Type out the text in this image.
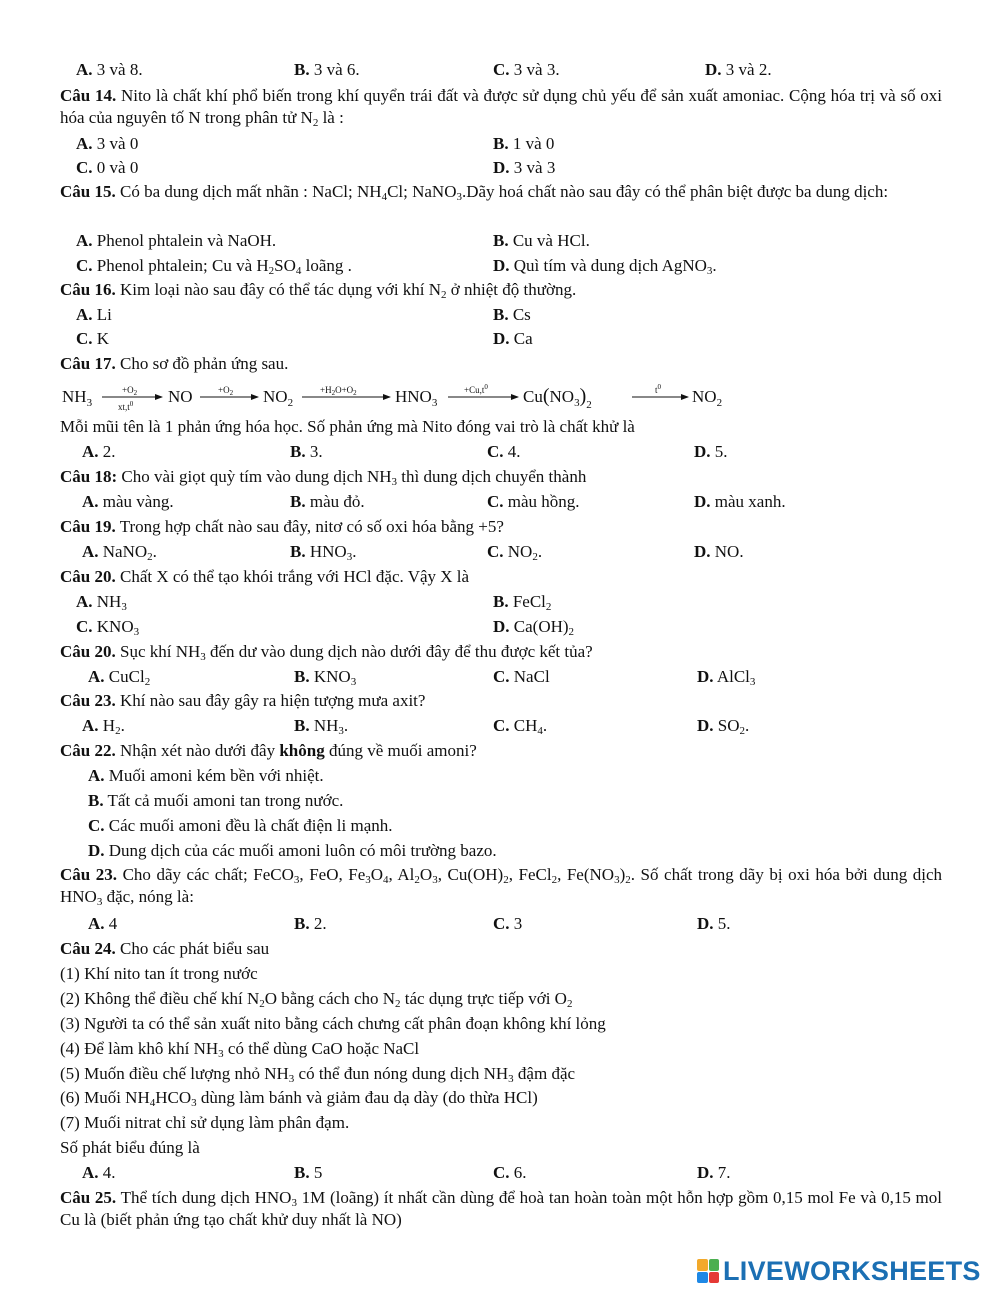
A. 3 và 8.	B. 3 và 6.	C. 3 và 3.	D. 3 và 2.
Câu 14. Nito là chất khí phổ biến trong khí quyển trái đất và được sử dụng chủ yếu để sản xuất amoniac. Cộng hóa trị và số oxi hóa của nguyên tố N trong phân tử $N_2$ là :
A. 3 và 0	B. 1 và 0
C. 0 và 0	D. 3 và 3
Câu 15. Có ba dung dịch mất nhãn : NaCl; $NH_4Cl$; NaNO$_3$.Dãy hoá chất nào sau đây có thể phân biệt được ba dung dịch:
A. Phenol phtalein và NaOH.	B. Cu và HCl.
C. Phenol phtalein; Cu và $H_2SO_4$ loãng .	D. Quì tím và dung dịch AgNO$_3$.
Câu 16. Kim loại nào sau đây có thể tác dụng với khí $N_2$ ở nhiệt độ thường.
A. Li	B. Cs
C. K	D. Ca
Câu 17. Cho sơ đồ phản ứng sau.
$NH_3$
$+O_2$
$xt,t^0$ NO	$+O_2$ $NO_2$
$+H_2O+O_2$ $HNO_3$
$+Cu,t^0$ $Cu(NO_3)_2$
$t^0$ $NO_2$
Mỗi mũi tên là 1 phản ứng hóa học. Số phản ứng mà Nito đóng vai trò là chất khử là
A. 2.	B. 3.	C. 4.	D. 5.
Câu 18: Cho vài giọt quỳ tím vào dung dịch $NH_3$ thì dung dịch chuyển thành
A. màu vàng.	B. màu đỏ.	C. màu hồng.	D. màu xanh.
Câu 19. Trong hợp chất nào sau đây, nitơ có số oxi hóa bằng +5?
A. NaNO$_2$.	B. $HNO_3$.	C. $NO_2$.	D. NO.
Câu 20. Chất X có thể tạo khói trắng với HCl đặc. Vậy X là
A. $NH_3$	B. FeCl$_2$
C. $KNO_3$	D. $Ca(OH)_2$
Câu 20. Sục khí $NH_3$ đến dư vào dung dịch nào dưới đây để thu được kết tủa?
A. CuCl$_2$	B. $KNO_3$	C. NaCl	D. AlCl$_3$
Câu 23. Khí nào sau đây gây ra hiện tượng mưa axit?
A. $H_2$.	B. $NH_3$.	C. $CH_4$.	D. $SO_2$.
Câu 22. Nhận xét nào dưới đây không đúng về muối amoni?
A. Muối amoni kém bền với nhiệt.
B. Tất cả muối amoni tan trong nước.
C. Các muối amoni đều là chất điện li mạnh.
D. Dung dịch của các muối amoni luôn có môi trường bazo.
Câu 23. Cho dãy các chất; FeCO$_3$, FeO, $Fe_3O_4$, $Al_2O_3$, $Cu(OH)_2$, FeCl$_2$, $Fe(NO_3)_2$. Số chất trong dãy bị oxi hóa bởi dung dịch $HNO_3$ đặc, nóng là:
A. 4	B. 2.	C. 3	D. 5.
Câu 24. Cho các phát biểu sau
(1) Khí nito tan ít trong nước
(2) Không thể điều chế khí $N_2O$ bằng cách cho $N_2$ tác dụng trực tiếp với $O_2$
(3) Người ta có thể sản xuất nito bằng cách chưng cất phân đoạn không khí lỏng
(4) Để làm khô khí $NH_3$ có thể dùng CaO hoặc NaCl
(5) Muốn điều chế lượng nhỏ $NH_3$ có thể đun nóng dung dịch $NH_3$ đậm đặc
(6) Muối $NH_4HCO_3$ dùng làm bánh và giảm đau dạ dày (do thừa HCl)
(7) Muối nitrat chỉ sử dụng làm phân đạm.
Số phát biểu đúng là
A. 4.	B. 5	C. 6.	D. 7.
Câu 25. Thể tích dung dịch $HNO_3$ 1M (loãng) ít nhất cần dùng để hoà tan hoàn toàn một hỗn hợp gồm 0,15 mol Fe và 0,15 mol Cu là (biết phản ứng tạo chất khử duy nhất là NO)
LIVEWORKSHEETS
